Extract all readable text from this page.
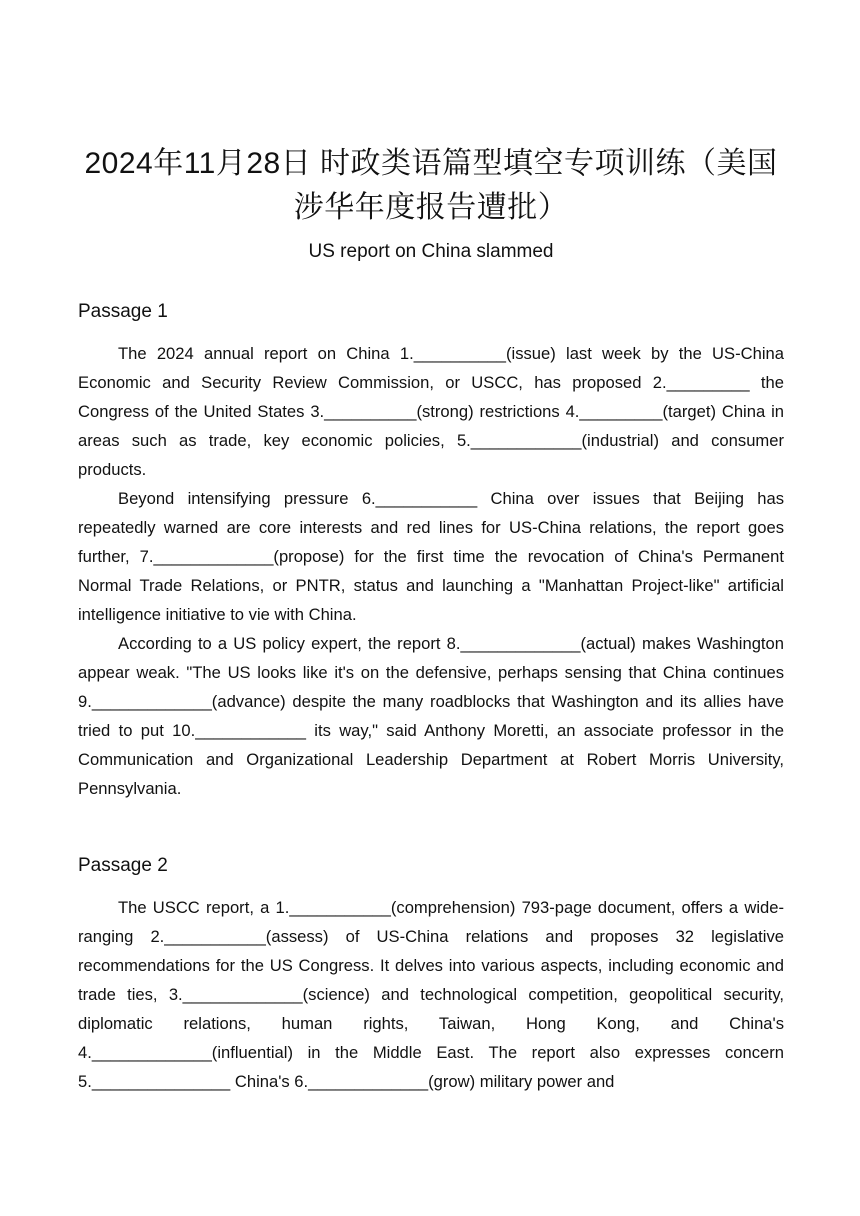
2024年11月28日 时政类语篇型填空专项训练（美国涉华年度报告遭批）
US report on China slammed
Passage 1

The 2024 annual report on China 1.__________(issue) last week by the US-China Economic and Security Review Commission, or USCC, has proposed 2._________ the Congress of the United States 3.__________(strong) restrictions 4._________(target) China in areas such as trade, key economic policies, 5.____________(industrial) and consumer products.

Beyond intensifying pressure 6.___________ China over issues that Beijing has repeatedly warned are core interests and red lines for US-China relations, the report goes further, 7._____________(propose) for the first time the revocation of China's Permanent Normal Trade Relations, or PNTR, status and launching a "Manhattan Project-like" artificial intelligence initiative to vie with China.

According to a US policy expert, the report 8._____________(actual) makes Washington appear weak. "The US looks like it's on the defensive, perhaps sensing that China continues 9._____________(advance) despite the many roadblocks that Washington and its allies have tried to put 10.____________ its way," said Anthony Moretti, an associate professor in the Communication and Organizational Leadership Department at Robert Morris University, Pennsylvania.

Passage 2

The USCC report, a 1.___________(comprehension) 793-page document, offers a wide-ranging 2.___________(assess) of US-China relations and proposes 32 legislative recommendations for the US Congress. It delves into various aspects, including economic and trade ties, 3._____________(science) and technological competition, geopolitical security, diplomatic relations, human rights, Taiwan, Hong Kong, and China's 4._____________(influential) in the Middle East. The report also expresses concern 5._______________ China's 6._____________(grow) military power and
